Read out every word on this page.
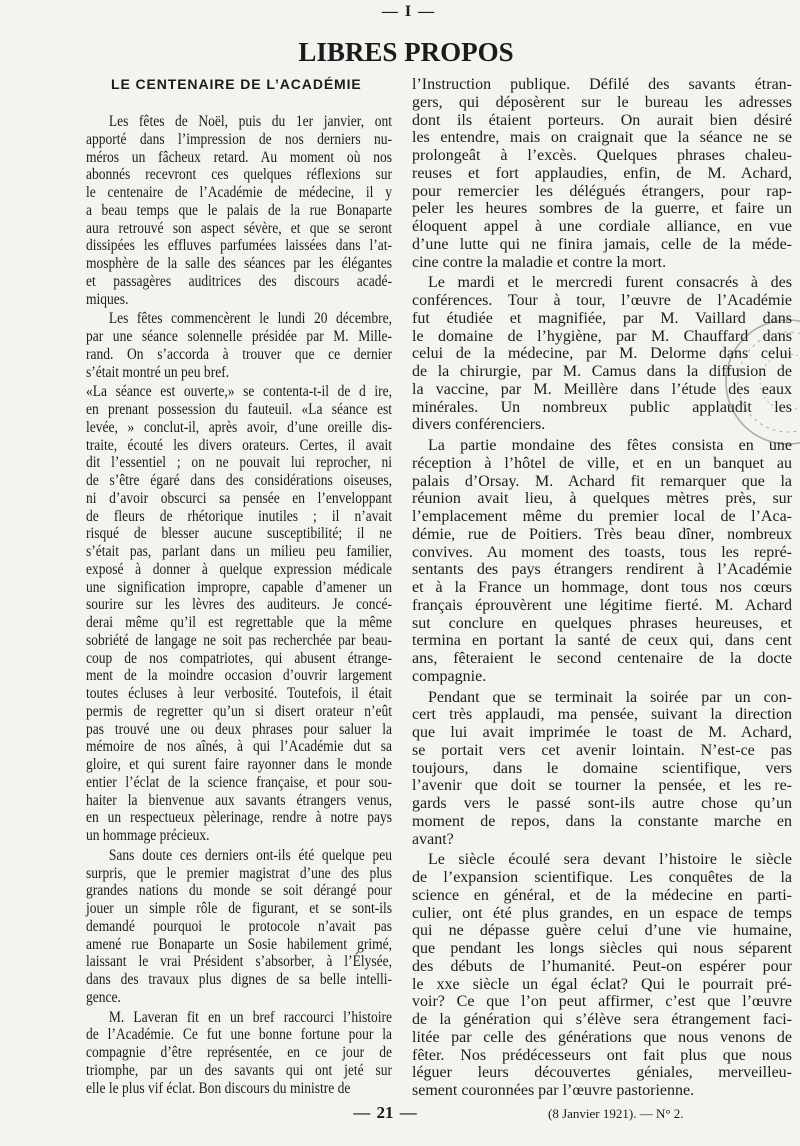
— I —
LIBRES PROPOS
LE CENTENAIRE DE L’ACADÉMIE
Les fêtes de Noël, puis du 1er janvier, ont
apporté dans l’impression de nos derniers nu-
méros un fâcheux retard. Au moment où nos
abonnés recevront ces quelques réflexions sur
le centenaire de l’Académie de médecine, il y
a beau temps que le palais de la rue Bonaparte
aura retrouvé son aspect sévère, et que se seront
dissipées les effluves parfumées laissées dans l’at-
mosphère de la salle des séances par les élégantes
et passagères auditrices des discours acadé-
miques.
Les fêtes commencèrent le lundi 20 décembre,
par une séance solennelle présidée par M. Mille-
rand. On s’accorda à trouver que ce dernier
s’était montré un peu bref.
«La séance est ouverte,» se contenta-t-il de d ire,
en prenant possession du fauteuil. «La séance est
levée, » conclut-il, après avoir, d’une oreille dis-
traite, écouté les divers orateurs. Certes, il avait
dit l’essentiel ; on ne pouvait lui reprocher, ni
de s’être égaré dans des considérations oiseuses,
ni d’avoir obscurci sa pensée en l’enveloppant
de fleurs de rhétorique inutiles ; il n’avait
risqué de blesser aucune susceptibilité; il ne
s’était pas, parlant dans un milieu peu familier,
exposé à donner à quelque expression médicale
une signification impropre, capable d’amener un
sourire sur les lèvres des auditeurs. Je concé-
derai même qu’il est regrettable que la même
sobriété de langage ne soit pas recherchée par beau-
coup de nos compatriotes, qui abusent étrange-
ment de la moindre occasion d’ouvrir largement
toutes écluses à leur verbosité. Toutefois, il était
permis de regretter qu’un si disert orateur n’eût
pas trouvé une ou deux phrases pour saluer la
mémoire de nos aînés, à qui l’Académie dut sa
gloire, et qui surent faire rayonner dans le monde
entier l’éclat de la science française, et pour sou-
haiter la bienvenue aux savants étrangers venus,
en un respectueux pèlerinage, rendre à notre pays
un hommage précieux.
Sans doute ces derniers ont-ils été quelque peu
surpris, que le premier magistrat d’une des plus
grandes nations du monde se soit dérangé pour
jouer un simple rôle de figurant, et se sont-ils
demandé pourquoi le protocole n’avait pas
amené rue Bonaparte un Sosie habilement grimé,
laissant le vrai Président s’absorber, à l’Élysée,
dans des travaux plus dignes de sa belle intelli-
gence.
M. Laveran fit en un bref raccourci l’histoire
de l’Académie. Ce fut une bonne fortune pour la
compagnie d’être représentée, en ce jour de
triomphe, par un des savants qui ont jeté sur
elle le plus vif éclat. Bon discours du ministre de
l’Instruction publique. Défilé des savants étran-
gers, qui déposèrent sur le bureau les adresses
dont ils étaient porteurs. On aurait bien désiré
les entendre, mais on craignait que la séance ne se
prolongeât à l’excès. Quelques phrases chaleu-
reuses et fort applaudies, enfin, de M. Achard,
pour remercier les délégués étrangers, pour rap-
peler les heures sombres de la guerre, et faire un
éloquent appel à une cordiale alliance, en vue
d’une lutte qui ne finira jamais, celle de la méde-
cine contre la maladie et contre la mort.
Le mardi et le mercredi furent consacrés à des
conférences. Tour à tour, l’œuvre de l’Académie
fut étudiée et magnifiée, par M. Vaillard dans
le domaine de l’hygiène, par M. Chauffard dans
celui de la médecine, par M. Delorme dans celui
de la chirurgie, par M. Camus dans la diffusion de
la vaccine, par M. Meillère dans l’étude des eaux
minérales. Un nombreux public applaudit les
divers conférenciers.
La partie mondaine des fêtes consista en une
réception à l’hôtel de ville, et en un banquet au
palais d’Orsay. M. Achard fit remarquer que la
réunion avait lieu, à quelques mètres près, sur
l’emplacement même du premier local de l’Aca-
démie, rue de Poitiers. Très beau dîner, nombreux
convives. Au moment des toasts, tous les repré-
sentants des pays étrangers rendirent à l’Académie
et à la France un hommage, dont tous nos cœurs
français éprouvèrent une légitime fierté. M. Achard
sut conclure en quelques phrases heureuses, et
termina en portant la santé de ceux qui, dans cent
ans, fêteraient le second centenaire de la docte
compagnie.
Pendant que se terminait la soirée par un con-
cert très applaudi, ma pensée, suivant la direction
que lui avait imprimée le toast de M. Achard,
se portait vers cet avenir lointain. N’est-ce pas
toujours, dans le domaine scientifique, vers
l’avenir que doit se tourner la pensée, et les re-
gards vers le passé sont-ils autre chose qu’un
moment de repos, dans la constante marche en
avant?
Le siècle écoulé sera devant l’histoire le siècle
de l’expansion scientifique. Les conquêtes de la
science en général, et de la médecine en parti-
culier, ont été plus grandes, en un espace de temps
qui ne dépasse guère celui d’une vie humaine,
que pendant les longs siècles qui nous séparent
des débuts de l’humanité. Peut-on espérer pour
le xxe siècle un égal éclat? Qui le pourrait pré-
voir? Ce que l’on peut affirmer, c’est que l’œuvre
de la génération qui s’élève sera étrangement faci-
litée par celle des générations que nous venons de
fêter. Nos prédécesseurs ont fait plus que nous
léguer leurs découvertes géniales, merveilleu-
sement couronnées par l’œuvre pastorienne.
— 21 —	(8 Janvier 1921). — N° 2.
